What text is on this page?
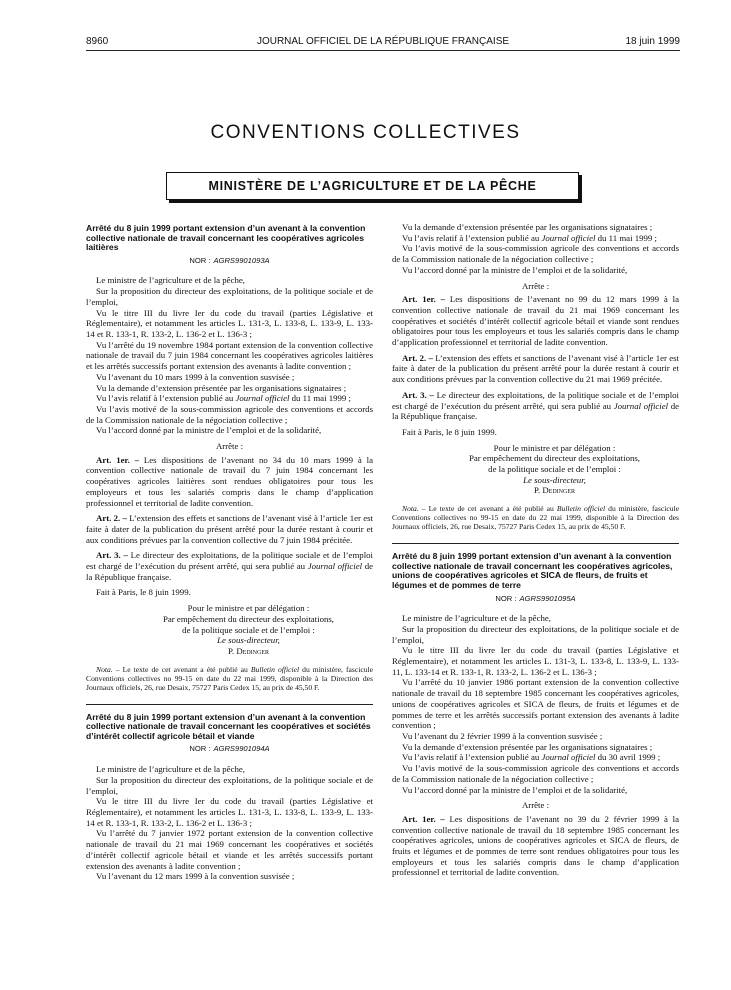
8960	JOURNAL OFFICIEL DE LA RÉPUBLIQUE FRANÇAISE	18 juin 1999
CONVENTIONS COLLECTIVES
MINISTÈRE DE L’AGRICULTURE ET DE LA PÊCHE

Arrêté du 8 juin 1999 portant extension d’un avenant à la convention collective nationale de travail concernant les coopératives agricoles laitières

NOR : AGRS9901093A

Le ministre de l’agriculture et de la pêche,

Sur la proposition du directeur des exploitations, de la politique sociale et de l’emploi,

Vu le titre III du livre Ier du code du travail (parties Législative et Réglementaire), et notamment les articles L. 131-3, L. 133-8, L. 133-9, L. 133-14 et R. 133-1, R. 133-2, L. 136-2 et L. 136-3 ;

Vu l’arrêté du 19 novembre 1984 portant extension de la convention collective nationale de travail du 7 juin 1984 concernant les coopératives agricoles laitières et les arrêtés successifs portant extension des avenants à ladite convention ;

Vu l’avenant du 10 mars 1999 à la convention susvisée ;

Vu la demande d’extension présentée par les organisations signataires ;

Vu l’avis relatif à l’extension publié au Journal officiel du 11 mai 1999 ;

Vu l’avis motivé de la sous-commission agricole des conventions et accords de la Commission nationale de la négociation collective ;

Vu l’accord donné par la ministre de l’emploi et de la solidarité,

Arrête :

Art. 1er. – Les dispositions de l’avenant no 34 du 10 mars 1999 à la convention collective nationale de travail du 7 juin 1984 concernant les coopératives agricoles laitières sont rendues obligatoires pour tous les employeurs et tous les salariés compris dans le champ d’application professionnel et territorial de ladite convention.

Art. 2. – L’extension des effets et sanctions de l’avenant visé à l’article 1er est faite à dater de la publication du présent arrêté pour la durée restant à courir et aux conditions prévues par la convention collective du 7 juin 1984 précitée.

Art. 3. – Le directeur des exploitations, de la politique sociale et de l’emploi est chargé de l’exécution du présent arrêté, qui sera publié au Journal officiel de la République française.

Fait à Paris, le 8 juin 1999.

Pour le ministre et par délégation :

Par empêchement du directeur des exploitations,

de la politique sociale et de l’emploi :

Le sous-directeur,

P. Dedinger

Nota. – Le texte de cet avenant a été publié au Bulletin officiel du ministère, fascicule Conventions collectives no 99-15 en date du 22 mai 1999, disponible à la Direction des Journaux officiels, 26, rue Desaix, 75727 Paris Cedex 15, au prix de 45,50 F.

Arrêté du 8 juin 1999 portant extension d’un avenant à la convention collective nationale de travail concernant les coopératives et sociétés d’intérêt collectif agricole bétail et viande

NOR : AGRS9901094A

Le ministre de l’agriculture et de la pêche,

Sur la proposition du directeur des exploitations, de la politique sociale et de l’emploi,

Vu le titre III du livre Ier du code du travail (parties Législative et Réglementaire), et notamment les articles L. 131-3, L. 133-8, L. 133-9, L. 133-14 et R. 133-1, R. 133-2, L. 136-2 et L. 136-3 ;

Vu l’arrêté du 7 janvier 1972 portant extension de la convention collective nationale de travail du 21 mai 1969 concernant les coopératives et sociétés d’intérêt collectif agricole bétail et viande et les arrêtés successifs portant extension des avenants à ladite convention ;

Vu l’avenant du 12 mars 1999 à la convention susvisée ;

Vu la demande d’extension présentée par les organisations signataires ;

Vu l’avis relatif à l’extension publié au Journal officiel du 11 mai 1999 ;

Vu l’avis motivé de la sous-commission agricole des conventions et accords de la Commission nationale de la négociation collective ;

Vu l’accord donné par la ministre de l’emploi et de la solidarité,

Arrête :

Art. 1er. – Les dispositions de l’avenant no 99 du 12 mars 1999 à la convention collective nationale de travail du 21 mai 1969 concernant les coopératives et sociétés d’intérêt collectif agricole bétail et viande sont rendues obligatoires pour tous les employeurs et tous les salariés compris dans le champ d’application professionnel et territorial de ladite convention.

Art. 2. – L’extension des effets et sanctions de l’avenant visé à l’article 1er est faite à dater de la publication du présent arrêté pour la durée restant à courir et aux conditions prévues par la convention collective du 21 mai 1969 précitée.

Art. 3. – Le directeur des exploitations, de la politique sociale et de l’emploi est chargé de l’exécution du présent arrêté, qui sera publié au Journal officiel de la République française.

Fait à Paris, le 8 juin 1999.

Pour le ministre et par délégation :

Par empêchement du directeur des exploitations,

de la politique sociale et de l’emploi :

Le sous-directeur,

P. Dedinger

Nota. – Le texte de cet avenant a été publié au Bulletin officiel du ministère, fascicule Conventions collectives no 99-15 en date du 22 mai 1999, disponible à la Direction des Journaux officiels, 26, rue Desaix, 75727 Paris Cedex 15, au prix de 45,50 F.

Arrêté du 8 juin 1999 portant extension d’un avenant à la convention collective nationale de travail concernant les coopératives agricoles, unions de coopératives agricoles et SICA de fleurs, de fruits et légumes et de pommes de terre

NOR : AGRS9901095A

Le ministre de l’agriculture et de la pêche,

Sur la proposition du directeur des exploitations, de la politique sociale et de l’emploi,

Vu le titre III du livre Ier du code du travail (parties Législative et Réglementaire), et notamment les articles L. 131-3, L. 133-8, L. 133-9, L. 133-11, L. 133-14 et R. 133-1, R. 133-2, L. 136-2 et L. 136-3 ;

Vu l’arrêté du 10 janvier 1986 portant extension de la convention collective nationale de travail du 18 septembre 1985 concernant les coopératives agricoles, unions de coopératives agricoles et SICA de fleurs, de fruits et légumes et de pommes de terre et les arrêtés successifs portant extension des avenants à ladite convention ;

Vu l’avenant du 2 février 1999 à la convention susvisée ;

Vu la demande d’extension présentée par les organisations signataires ;

Vu l’avis relatif à l’extension publié au Journal officiel du 30 avril 1999 ;

Vu l’avis motivé de la sous-commission agricole des conventions et accords de la Commission nationale de la négociation collective ;

Vu l’accord donné par la ministre de l’emploi et de la solidarité,

Arrête :

Art. 1er. – Les dispositions de l’avenant no 39 du 2 février 1999 à la convention collective nationale de travail du 18 septembre 1985 concernant les coopératives agricoles, unions de coopératives agricoles et SICA de fleurs, de fruits et légumes et de pommes de terre sont rendues obligatoires pour tous les employeurs et tous les salariés compris dans le champ d’application professionnel et territorial de ladite convention.
